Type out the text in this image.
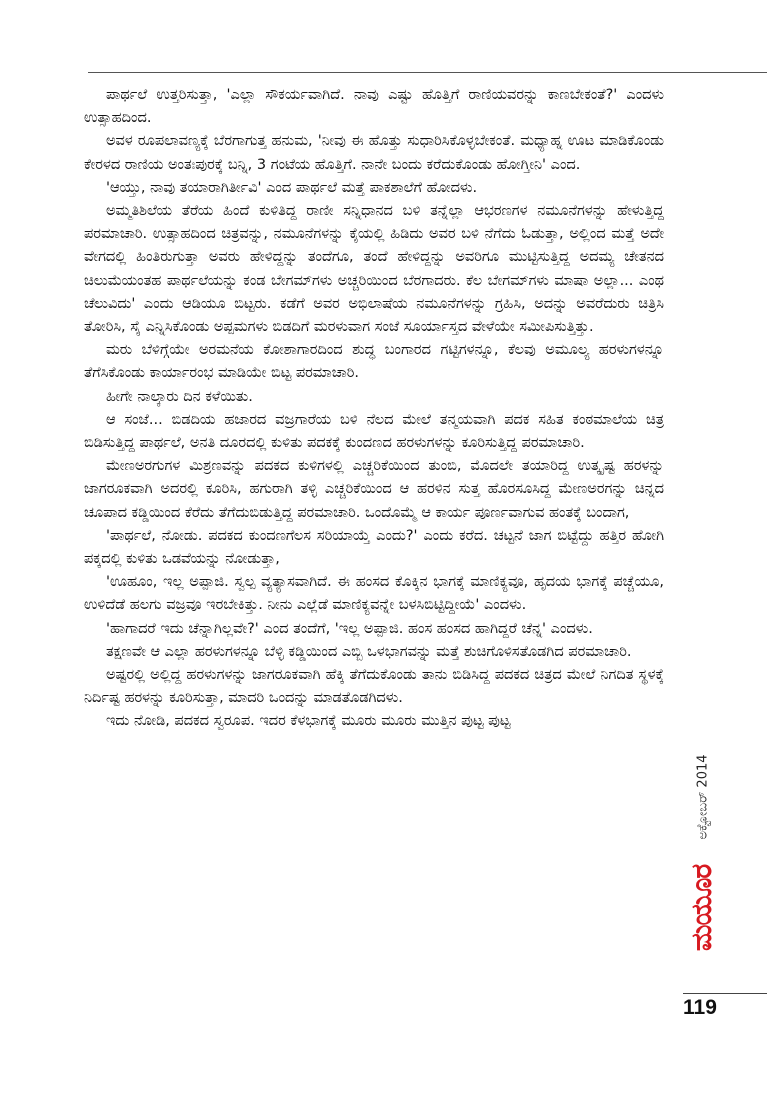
ಪಾರ್ಥಲೆ ಉತ್ತರಿಸುತ್ತಾ, 'ಎಲ್ಲಾ ಸೌಕರ್ಯವಾಗಿದೆ. ನಾವು ಎಷ್ಟು ಹೊತ್ತಿಗೆ ರಾಣಿಯವರನ್ನು ಕಾಣಬೇಕಂತೆ?' ಎಂದಳು ಉತ್ಸಾಹದಿಂದ.

ಅವಳ ರೂಪಲಾವಣ್ಯಕ್ಕೆ ಬೆರಗಾಗುತ್ತ ಹನುಮ, 'ನೀವು ಈ ಹೊತ್ತು ಸುಧಾರಿಸಿಕೊಳ್ಳಬೇಕಂತೆ. ಮಧ್ಯಾಹ್ನ ಊಟ ಮಾಡಿಕೊಂಡು ಕೇರಳದ ರಾಣಿಯ ಅಂತಃಪುರಕ್ಕೆ ಬನ್ನಿ, 3 ಗಂಟೆಯ ಹೊತ್ತಿಗೆ. ನಾನೇ ಬಂದು ಕರೆದುಕೊಂಡು ಹೋಗ್ತೀನಿ' ಎಂದ.

'ಆಯ್ತು, ನಾವು ತಯಾರಾಗಿರ್ತೀವಿ' ಎಂದ ಪಾರ್ಥಲೆ ಮತ್ತೆ ಪಾಕಶಾಲೆಗೆ ಹೋದಳು.

ಅಮ್ಮತಿಶಿಲೆಯ ತೆರೆಯ ಹಿಂದೆ ಕುಳಿತಿದ್ದ ರಾಣೀ ಸನ್ನಿಧಾನದ ಬಳಿ ತನ್ನೆಲ್ಲಾ ಆಭರಣಗಳ ನಮೂನೆಗಳನ್ನು ಹೇಳುತ್ತಿದ್ದ ಪರಮಾಚಾರಿ. ಉತ್ಸಾಹದಿಂದ ಚಿತ್ರವನ್ನು, ನಮೂನೆಗಳನ್ನು ಕೈಯಲ್ಲಿ ಹಿಡಿದು ಅವರ ಬಳಿ ನೆಗೆದು ಓಡುತ್ತಾ, ಅಲ್ಲಿಂದ ಮತ್ತೆ ಅದೇ ವೇಗದಲ್ಲಿ ಹಿಂತಿರುಗುತ್ತಾ ಅವರು ಹೇಳಿದ್ದನ್ನು ತಂದೆಗೂ, ತಂದೆ ಹೇಳಿದ್ದನ್ನು ಅವರಿಗೂ ಮುಟ್ಟಿಸುತ್ತಿದ್ದ ಅದಮ್ಯ ಚೇತನದ ಚಿಲುಮೆಯಂತಹ ಪಾರ್ಥಲೆಯನ್ನು ಕಂಡ ಬೇಗಮ್‌ಗಳು ಅಚ್ಚರಿಯಿಂದ ಬೆರಗಾದರು. ಕೆಲ ಬೇಗಮ್‌ಗಳು ಮಾಷಾ ಅಲ್ಲಾ... ಎಂಥ ಚೆಲುವಿದು' ಎಂದು ಆಡಿಯೂ ಬಿಟ್ಟರು. ಕಡೆಗೆ ಅವರ ಅಭಿಲಾಷೆಯ ನಮೂನೆಗಳನ್ನು ಗ್ರಹಿಸಿ, ಅದನ್ನು ಅವರೆದುರು ಚಿತ್ರಿಸಿ ತೋರಿಸಿ, ಸೈ ಎನ್ನಿಸಿಕೊಂಡು ಅಪ್ಪಮಗಳು ಬಿಡದಿಗೆ ಮರಳುವಾಗ ಸಂಜೆ ಸೂರ್ಯಾಸ್ತದ ವೇಳೆಯೇ ಸಮೀಪಿಸುತ್ತಿತ್ತು.

ಮರು ಬೆಳಿಗ್ಗೆಯೇ ಅರಮನೆಯ ಕೋಶಾಗಾರದಿಂದ ಶುದ್ಧ ಬಂಗಾರದ ಗಟ್ಟಿಗಳನ್ನೂ, ಕೆಲವು ಅಮೂಲ್ಯ ಹರಳುಗಳನ್ನೂ ತೆಗೆಸಿಕೊಂಡು ಕಾರ್ಯಾರಂಭ ಮಾಡಿಯೇ ಬಿಟ್ಟ ಪರಮಾಚಾರಿ.

ಹೀಗೇ ನಾಲ್ಕಾರು ದಿನ ಕಳೆಯಿತು.

ಆ ಸಂಜೆ... ಬಿಡದಿಯ ಹಜಾರದ ವಜ್ರಗಾರೆಯ ಬಳಿ ನೆಲದ ಮೇಲೆ ತನ್ಮಯವಾಗಿ ಪದಕ ಸಹಿತ ಕಂಠಮಾಲೆಯ ಚಿತ್ರ ಬಿಡಿಸುತ್ತಿದ್ದ ಪಾರ್ಥಲೆ, ಅನತಿ ದೂರದಲ್ಲಿ ಕುಳಿತು ಪದಕಕ್ಕೆ ಕುಂದಣದ ಹರಳುಗಳನ್ನು ಕೂರಿಸುತ್ತಿದ್ದ ಪರಮಾಚಾರಿ.

ಮೇಣಅರಗುಗಳ ಮಿಶ್ರಣವನ್ನು ಪದಕದ ಕುಳಿಗಳಲ್ಲಿ ಎಚ್ಚರಿಕೆಯಿಂದ ತುಂಬಿ, ಮೊದಲೇ ತಯಾರಿದ್ದ ಉತ್ಕೃಷ್ಟ ಹರಳನ್ನು ಜಾಗರೂಕವಾಗಿ ಅದರಲ್ಲಿ ಕೂರಿಸಿ, ಹಗುರಾಗಿ ತಳ್ಳಿ ಎಚ್ಚರಿಕೆಯಿಂದ ಆ ಹರಳಿನ ಸುತ್ತ ಹೊರಸೂಸಿದ್ದ ಮೇಣಅರಗನ್ನು ಚಿನ್ನದ ಚೂಪಾದ ಕಡ್ಡಿಯಿಂದ ಕೆರೆದು ತೆಗೆದುಬಿಡುತ್ತಿದ್ದ ಪರಮಾಚಾರಿ. ಒಂದೊಮ್ಮೆ ಆ ಕಾರ್ಯ ಪೂರ್ಣವಾಗುವ ಹಂತಕ್ಕೆ ಬಂದಾಗ,

'ಪಾರ್ಥಲೆ, ನೋಡು. ಪದಕದ ಕುಂದಣಗೆಲಸ ಸರಿಯಾಯ್ತೆ ಎಂದು?' ಎಂದು ಕರೆದ. ಚಟ್ಟನೆ ಜಾಗ ಬಿಟ್ಟೆದ್ದು ಹತ್ತಿರ ಹೋಗಿ ಪಕ್ಕದಲ್ಲಿ ಕುಳಿತು ಒಡವೆಯನ್ನು ನೋಡುತ್ತಾ,

'ಊಹೂಂ, ಇಲ್ಲ ಅಪ್ಪಾಜಿ. ಸ್ವಲ್ಪ ವ್ಯತ್ಯಾಸವಾಗಿದೆ. ಈ ಹಂಸದ ಕೊಕ್ಕಿನ ಭಾಗಕ್ಕೆ ಮಾಣಿಕ್ಯವೂ, ಹೃದಯ ಭಾಗಕ್ಕೆ ಪಚ್ಚೆಯೂ, ಉಳಿದೆಡೆ ಹಲಗು ವಜ್ರವೂ ಇರಬೇಕಿತ್ತು. ನೀನು ಎಲ್ಲೆಡೆ ಮಾಣಿಕ್ಯವನ್ನೇ ಬಳಸಿಬಿಟ್ಟಿದ್ದೀಯೆ' ಎಂದಳು.

'ಹಾಗಾದರೆ ಇದು ಚೆನ್ನಾಗಿಲ್ಲವೇ?' ಎಂದ ತಂದೆಗೆ, 'ಇಲ್ಲ ಅಪ್ಪಾಜಿ. ಹಂಸ ಹಂಸದ ಹಾಗಿದ್ದರೆ ಚೆನ್ನ' ಎಂದಳು.

ತಕ್ಷಣವೇ ಆ ಎಲ್ಲಾ ಹರಳುಗಳನ್ನೂ ಬೆಳ್ಳಿ ಕಡ್ಡಿಯಿಂದ ಎಬ್ಬಿ ಒಳಭಾಗವನ್ನು ಮತ್ತೆ ಶುಚಿಗೊಳಿಸತೊಡಗಿದ ಪರಮಾಚಾರಿ.

ಅಷ್ಟರಲ್ಲಿ ಅಲ್ಲಿದ್ದ ಹರಳುಗಳನ್ನು ಜಾಗರೂಕವಾಗಿ ಹೆಕ್ಕಿ ತೆಗೆದುಕೊಂಡು ತಾನು ಬಿಡಿಸಿದ್ದ ಪದಕದ ಚಿತ್ರದ ಮೇಲೆ ನಿಗದಿತ ಸ್ಥಳಕ್ಕೆ ನಿರ್ದಿಷ್ಟ ಹರಳನ್ನು ಕೂರಿಸುತ್ತಾ, ಮಾದರಿ ಒಂದನ್ನು ಮಾಡತೊಡಗಿದಳು.

ಇದು ನೋಡಿ, ಪದಕದ ಸ್ವರೂಪ. ಇದರ ಕೆಳಭಾಗಕ್ಕೆ ಮೂರು ಮೂರು ಮುತ್ತಿನ ಪುಟ್ಟ ಪುಟ್ಟ

ಅಕ್ಟೋಬರ್ 2014
ಮಯೂರ
119
